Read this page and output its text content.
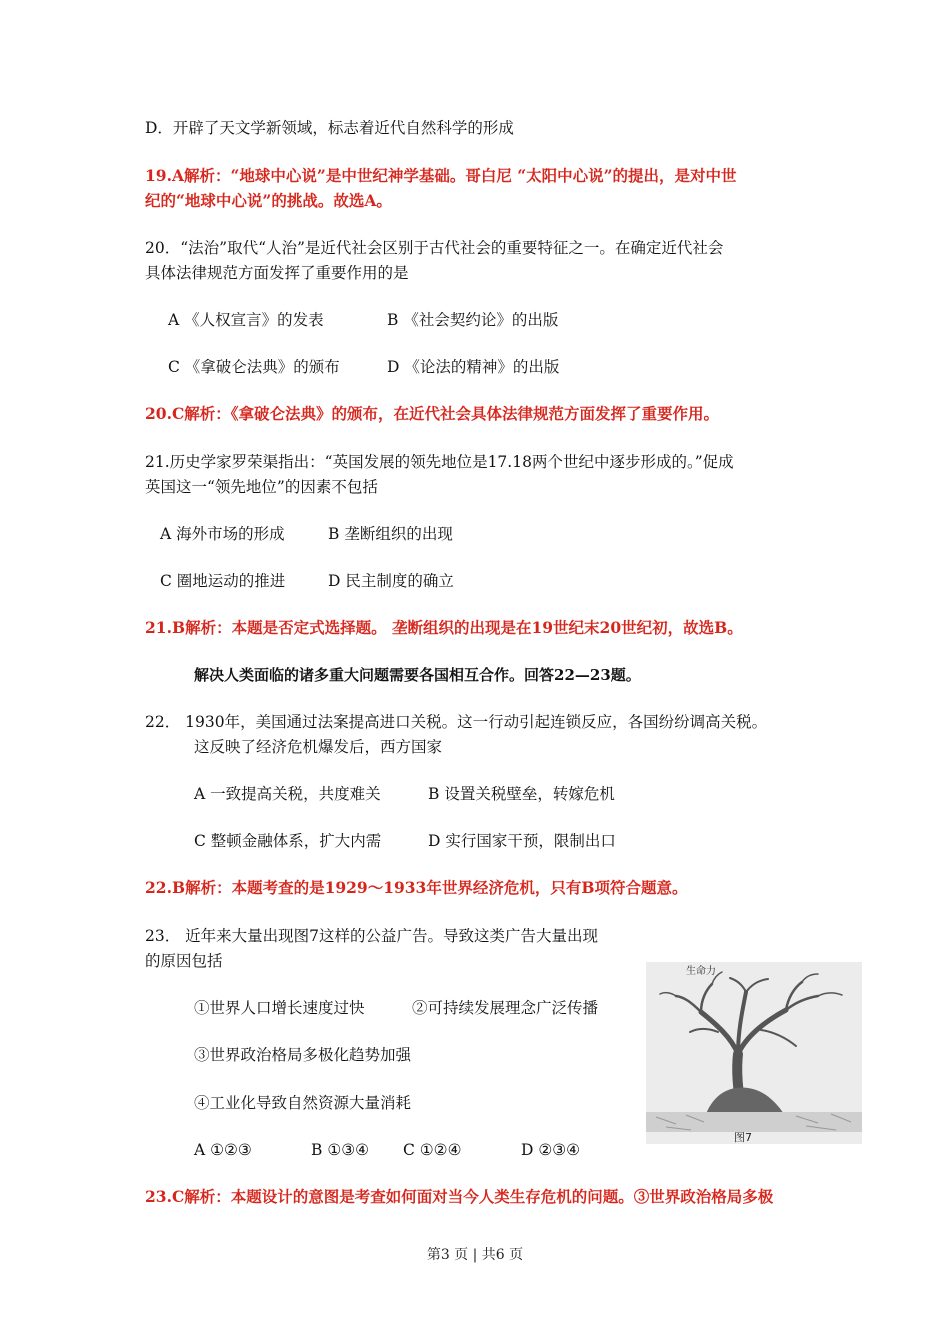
D．开辟了天文学新领域，标志着近代自然科学的形成
19.A解析：“地球中心说”是中世纪神学基础。哥白尼 “太阳中心说”的提出，是对中世
纪的“地球中心说”的挑战。故选A。
20．“法治”取代“人治”是近代社会区别于古代社会的重要特征之一。在确定近代社会
具体法律规范方面发挥了重要作用的是
A 《人权宣言》的发表	B 《社会契约论》的出版
C 《拿破仑法典》的颁布	D 《论法的精神》的出版
20.C解析：《拿破仑法典》的颁布，在近代社会具体法律规范方面发挥了重要作用。
21.历史学家罗荣渠指出：“英国发展的领先地位是17.18两个世纪中逐步形成的。”促成
英国这一“领先地位”的因素不包括
A 海外市场的形成	B 垄断组织的出现
C 圈地运动的推进	D 民主制度的确立
21.B解析：本题是否定式选择题。 垄断组织的出现是在19世纪末20世纪初，故选B。
解决人类面临的诸多重大问题需要各国相互合作。回答22—23题。
22． 1930年，美国通过法案提高进口关税。这一行动引起连锁反应，各国纷纷调高关税。
这反映了经济危机爆发后，西方国家
A 一致提高关税，共度难关	B 设置关税壁垒，转嫁危机
C 整顿金融体系，扩大内需	D 实行国家干预，限制出口
22.B解析：本题考查的是1929～1933年世界经济危机，只有B项符合题意。
23． 近年来大量出现图7这样的公益广告。导致这类广告大量出现
的原因包括
①世界人口增长速度过快	②可持续发展理念广泛传播
③世界政治格局多极化趋势加强
④工业化导致自然资源大量消耗
A ①②③	B ①③④ C ①②④	D ②③④
生命力
图7
23.C解析：本题设计的意图是考查如何面对当今人类生存危机的问题。③世界政治格局多极
第3 页 | 共6 页
